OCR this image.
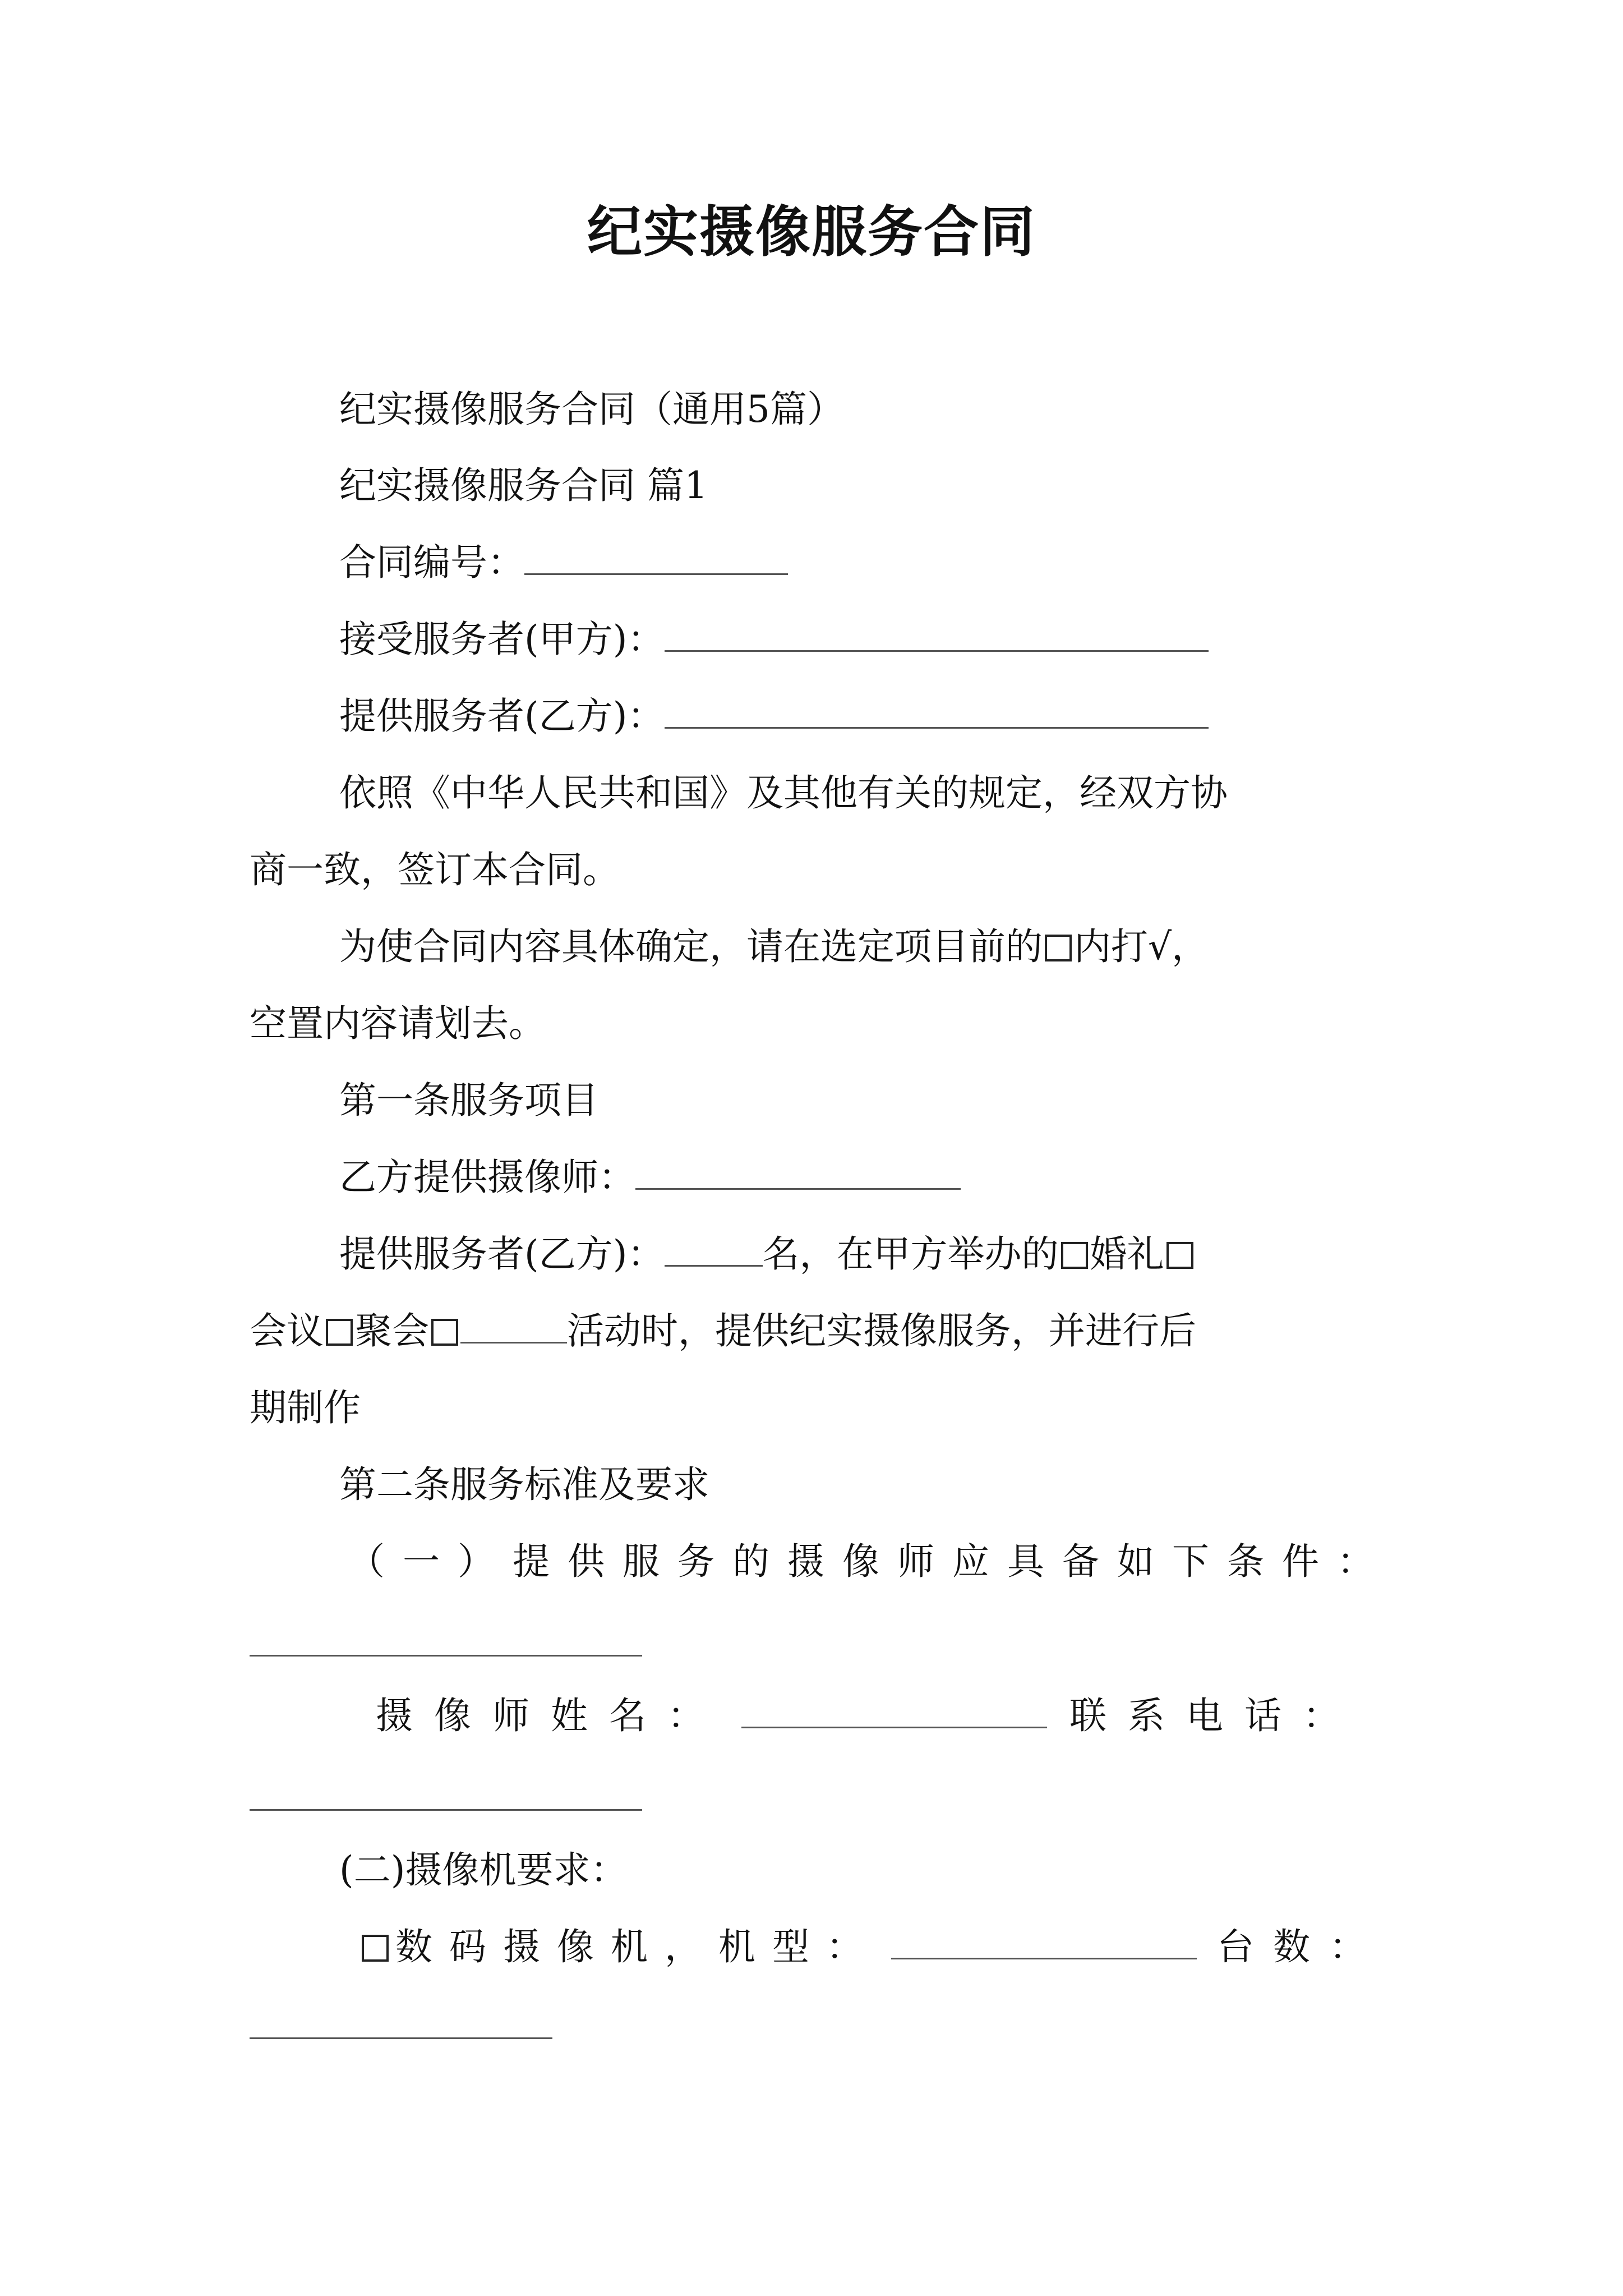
纪实摄像服务合同
纪实摄像服务合同（通用5篇）
纪实摄像服务合同 篇1
合同编号：
接受服务者(甲方)：
提供服务者(乙方)：
依照《中华人民共和国》及其他有关的规定，经双方协
商一致，签订本合同。
为使合同内容具体确定，请在选定项目前的 内打√，
空置内容请划去。
第一条服务项目
乙方提供摄像师：
提供服务者(乙方)：	名，在甲方举办的 婚礼
会议 聚会	活动时，提供纪实摄像服务，并进行后
期制作
第二条服务标准及要求
（一）提供服务的摄像师应具备如下条件：
摄像师姓名：	联系电话：
(二)摄像机要求：
数码摄像机，机型：	台数：
